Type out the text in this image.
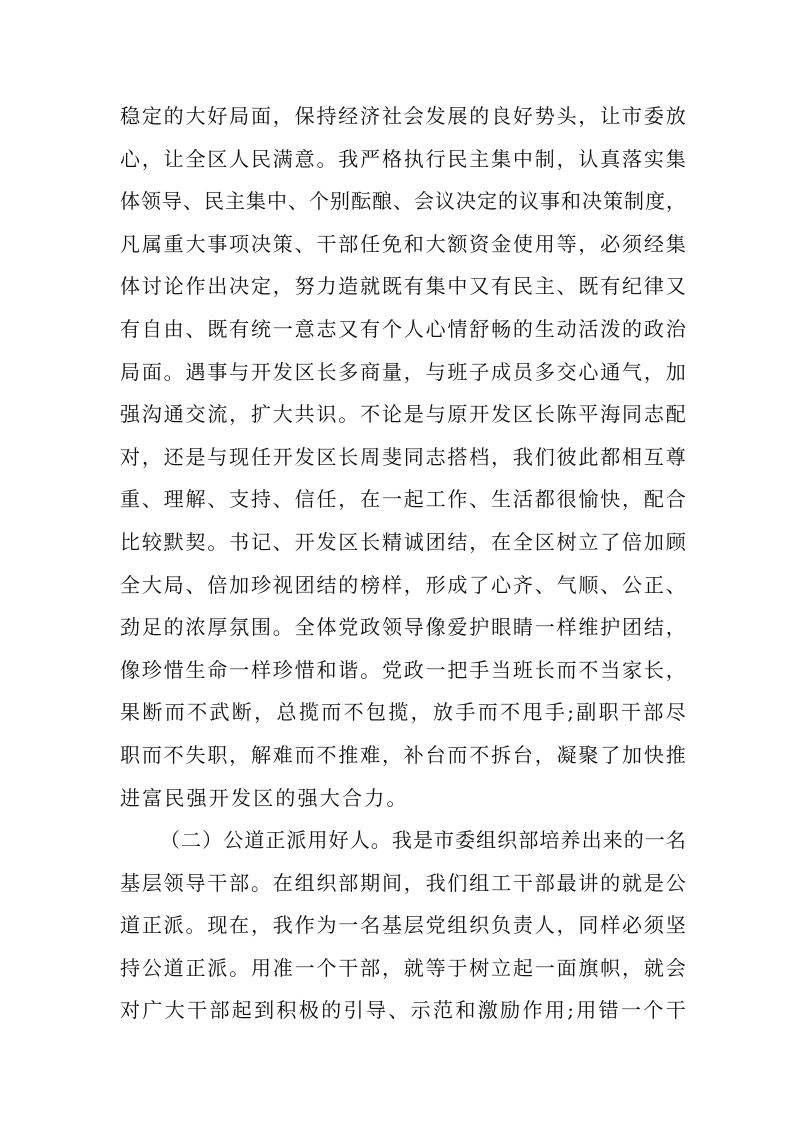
稳 定 的 大 好 局 面 ， 保 持 经 济 社 会 发 展 的 良 好 势 头 ， 让 市 委 放
心 ， 让 全 区 人 民 满 意 。 我 严 格 执 行 民 主 集 中 制 ， 认 真 落 实 集
体 领 导 、 民 主 集 中 、 个 别 酝 酿 、 会 议 决 定 的 议 事 和 决 策 制 度 ，
凡 属 重 大 事 项 决 策 、 干 部 任 免 和 大 额 资 金 使 用 等 ， 必 须 经 集
体 讨 论 作 出 决 定 ， 努 力 造 就 既 有 集 中 又 有 民 主 、 既 有 纪 律 又
有 自 由 、 既 有 统 一 意 志 又 有 个 人 心 情 舒 畅 的 生 动 活 泼 的 政 治
局 面 。 遇 事 与 开 发 区 长 多 商 量 ， 与 班 子 成 员 多 交 心 通 气 ， 加
强 沟 通 交 流 ， 扩 大 共 识 。 不 论 是 与 原 开 发 区 长 陈 平 海 同 志 配
对 ， 还 是 与 现 任 开 发 区 长 周 斐 同 志 搭 档 ， 我 们 彼 此 都 相 互 尊
重 、 理 解 、 支 持 、 信 任 ， 在 一 起 工 作 、 生 活 都 很 愉 快 ， 配 合
比 较 默 契 。 书 记 、 开 发 区 长 精 诚 团 结 ， 在 全 区 树 立 了 倍 加 顾
全 大 局 、 倍 加 珍 视 团 结 的 榜 样 ， 形 成 了 心 齐 、 气 顺 、 公 正 、
劲 足 的 浓 厚 氛 围 。 全 体 党 政 领 导 像 爱 护 眼 睛 一 样 维 护 团 结 ，
像 珍 惜 生 命 一 样 珍 惜 和 谐 。 党 政 一 把 手 当 班 长 而 不 当 家 长 ，
果 断 而 不 武 断 ， 总 揽 而 不 包 揽 ， 放 手 而 不 甩 手 ; 副 职 干 部 尽
职 而 不 失 职 ， 解 难 而 不 推 难 ， 补 台 而 不 拆 台 ， 凝 聚 了 加 快 推
进富民强开发区的强大合力。
（ 二 ） 公 道 正 派 用 好 人 。 我 是 市 委 组 织 部 培 养 出 来 的 一 名
基 层 领 导 干 部 。 在 组 织 部 期 间 ， 我 们 组 工 干 部 最 讲 的 就 是 公
道 正 派 。 现 在 ， 我 作 为 一 名 基 层 党 组 织 负 责 人 ， 同 样 必 须 坚
持 公 道 正 派 。 用 准 一 个 干 部 ， 就 等 于 树 立 起 一 面 旗 帜 ， 就 会
对 广 大 干 部 起 到 积 极 的 引 导 、 示 范 和 激 励 作 用 ; 用 错 一 个 干
